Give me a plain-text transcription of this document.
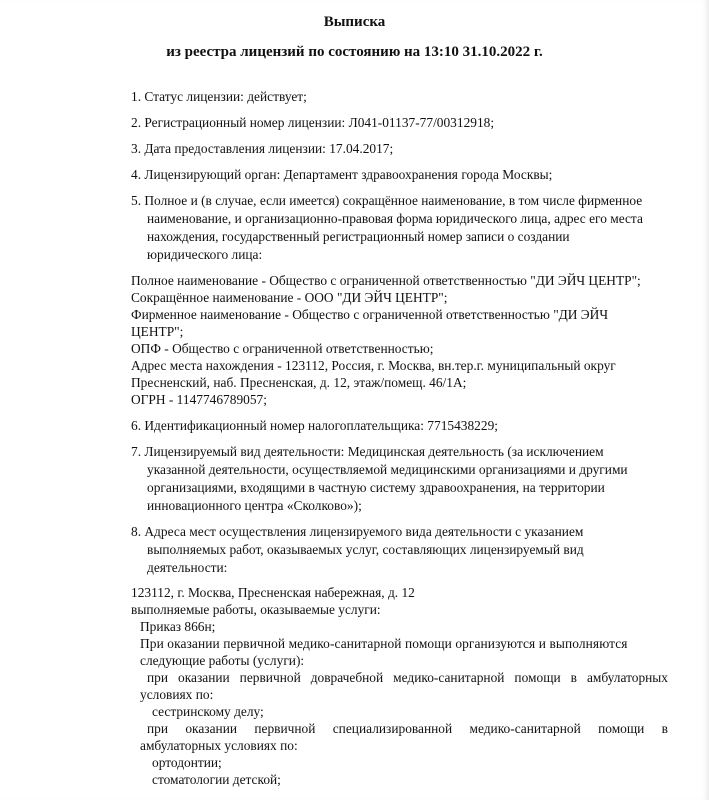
Выписка
из реестра лицензий по состоянию на 13:10 31.10.2022 г.
1. Статус лицензии: действует;
2. Регистрационный номер лицензии: Л041-01137-77/00312918;
3. Дата предоставления лицензии: 17.04.2017;
4. Лицензирующий орган: Департамент здравоохранения города Москвы;
5. Полное и (в случае, если имеется) сокращённое наименование, в том числе фирменное
наименование, и организационно-правовая форма юридического лица, адрес его места
нахождения, государственный регистрационный номер записи о создании
юридического лица:
Полное наименование - Общество с ограниченной ответственностью "ДИ ЭЙЧ ЦЕНТР";
Сокращённое наименование - ООО "ДИ ЭЙЧ ЦЕНТР";
Фирменное наименование - Общество с ограниченной ответственностью "ДИ ЭЙЧ
ЦЕНТР";
ОПФ - Общество с ограниченной ответственностью;
Адрес места нахождения - 123112, Россия, г. Москва, вн.тер.г. муниципальный округ
Пресненский, наб. Пресненская, д. 12, этаж/помещ. 46/1А;
ОГРН - 1147746789057;
6. Идентификационный номер налогоплательщика: 7715438229;
7. Лицензируемый вид деятельности: Медицинская деятельность (за исключением
указанной деятельности, осуществляемой медицинскими организациями и другими
организациями, входящими в частную систему здравоохранения, на территории
инновационного центра «Сколково»);
8. Адреса мест осуществления лицензируемого вида деятельности с указанием
выполняемых работ, оказываемых услуг, составляющих лицензируемый вид
деятельности:
123112, г. Москва, Пресненская набережная, д. 12
выполняемые работы, оказываемые услуги:
Приказ 866н;
При оказании первичной медико-санитарной помощи организуются и выполняются
следующие работы (услуги):
при оказании первичной доврачебной медико-санитарной помощи в амбулаторных
условиях по:
сестринскому делу;
при оказании первичной специализированной медико-санитарной помощи в
амбулаторных условиях по:
ортодонтии;
стоматологии детской;
